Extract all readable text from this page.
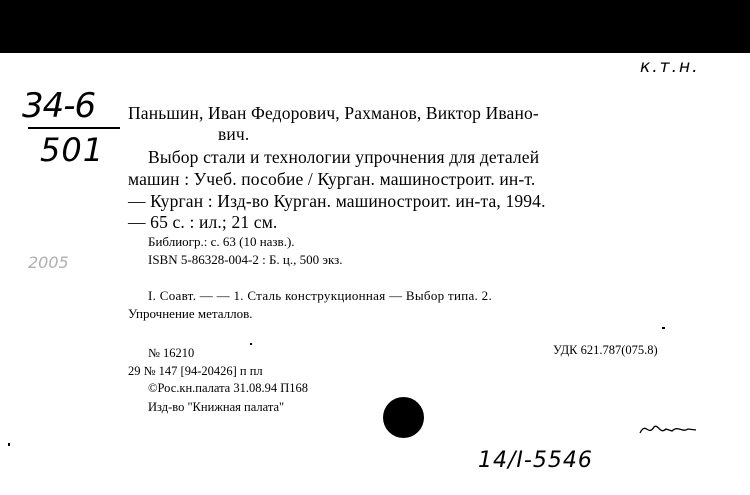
к.т.н.
34-6
501
2005
Паньшин, Иван Федорович, Рахманов, Виктор Ивано-
вич.
Выбор стали и технологии упрочнения для деталей
машин : Учеб. пособие / Курган. машиностроит. ин-т.
— Курган : Изд-во Курган. машиностроит. ин-та, 1994.
— 65 с. : ил.; 21 см.
Библиогр.: с. 63 (10 назв.).
ISBN 5-86328-004-2 : Б. ц., 500 экз.
I. Соавт. — — 1. Сталь конструкционная — Выбор типа. 2.
Упрочнение металлов.
№ 16210	УДК 621.787(075.8)
29 № 147 [94-20426] п пл
©Рос.кн.палата 31.08.94 П168
Изд-во "Книжная палата"
14/І-5546
